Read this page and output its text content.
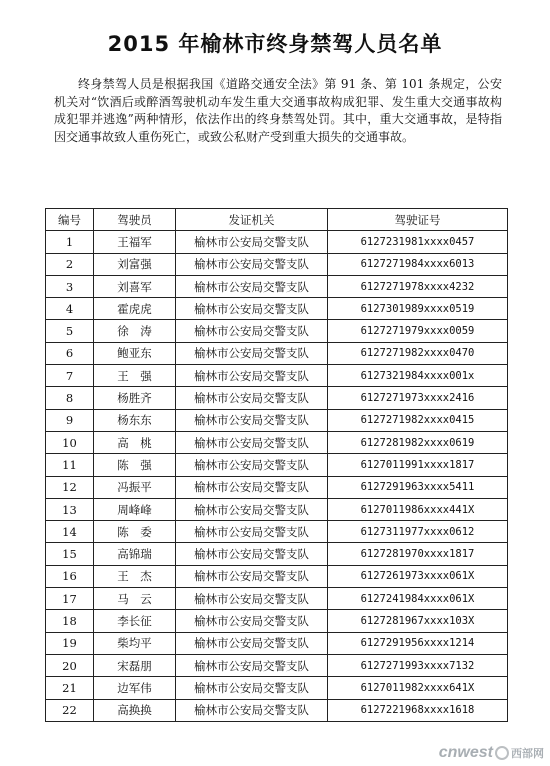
2015 年榆林市终身禁驾人员名单

终身禁驾人员是根据我国《道路交通安全法》第 91 条、第 101 条规定，公安机关对“饮酒后或醉酒驾驶机动车发生重大交通事故构成犯罪、发生重大交通事故构成犯罪并逃逸”两种情形，依法作出的终身禁驾处罚。其中，重大交通事故，是特指因交通事故致人重伤死亡，或致公私财产受到重大损失的交通事故。

编号	驾驶员	发证机关	驾驶证号
1	王福军	榆林市公安局交警支队	6127231981xxxx0457
2	刘富强	榆林市公安局交警支队	6127271984xxxx6013
3	刘喜军	榆林市公安局交警支队	6127271978xxxx4232
4	霍虎虎	榆林市公安局交警支队	6127301989xxxx0519
5	徐　涛	榆林市公安局交警支队	6127271979xxxx0059
6	鲍亚东	榆林市公安局交警支队	6127271982xxxx0470
7	王　强	榆林市公安局交警支队	6127321984xxxx001x
8	杨胜齐	榆林市公安局交警支队	6127271973xxxx2416
9	杨东东	榆林市公安局交警支队	6127271982xxxx0415
10	高　桃	榆林市公安局交警支队	6127281982xxxx0619
11	陈　强	榆林市公安局交警支队	6127011991xxxx1817
12	冯振平	榆林市公安局交警支队	6127291963xxxx5411
13	周峰峰	榆林市公安局交警支队	6127011986xxxx441X
14	陈　委	榆林市公安局交警支队	6127311977xxxx0612
15	高锦瑞	榆林市公安局交警支队	6127281970xxxx1817
16	王　杰	榆林市公安局交警支队	6127261973xxxx061X
17	马　云	榆林市公安局交警支队	6127241984xxxx061X
18	李长征	榆林市公安局交警支队	6127281967xxxx103X
19	柴均平	榆林市公安局交警支队	6127291956xxxx1214
20	宋磊朋	榆林市公安局交警支队	6127271993xxxx7132
21	边军伟	榆林市公安局交警支队	6127011982xxxx641X
22	高换换	榆林市公安局交警支队	6127221968xxxx1618
cnwest 西部网
